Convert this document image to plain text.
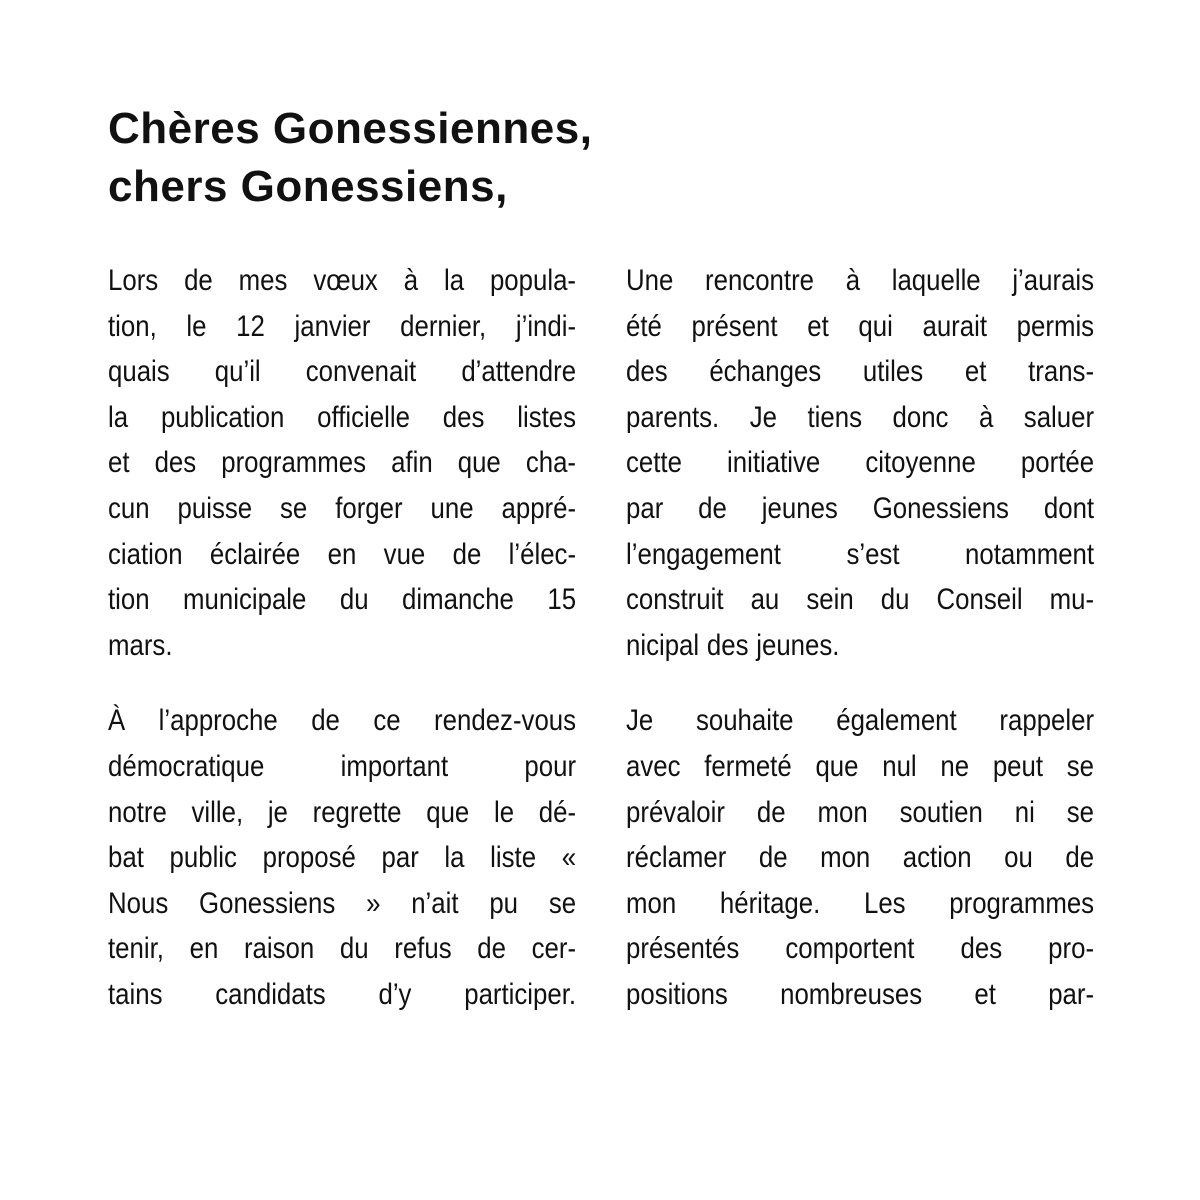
Chères Gonessiennes,
chers Gonessiens,
Lors de mes vœux à la popula-
tion, le 12 janvier dernier, j’indi-
quais qu’il convenait d’attendre
la publication officielle des listes
et des programmes afin que cha-
cun puisse se forger une appré-
ciation éclairée en vue de l’élec-
tion municipale du dimanche 15
mars.
À l’approche de ce rendez-vous
démocratique	important	pour
notre ville, je regrette que le dé-
bat public proposé par la liste «
Nous Gonessiens » n’ait pu se
tenir, en raison du refus de cer-
tains candidats d’y participer.
Une rencontre à laquelle j’aurais
été présent et qui aurait permis
des échanges utiles et trans-
parents. Je tiens donc à saluer
cette initiative citoyenne portée
par de jeunes Gonessiens dont
l’engagement s’est notamment
construit au sein du Conseil mu-
nicipal des jeunes.
Je souhaite également rappeler
avec fermeté que nul ne peut se
prévaloir de mon soutien ni se
réclamer de mon action ou de
mon héritage. Les programmes
présentés comportent des pro-
positions nombreuses et par-
